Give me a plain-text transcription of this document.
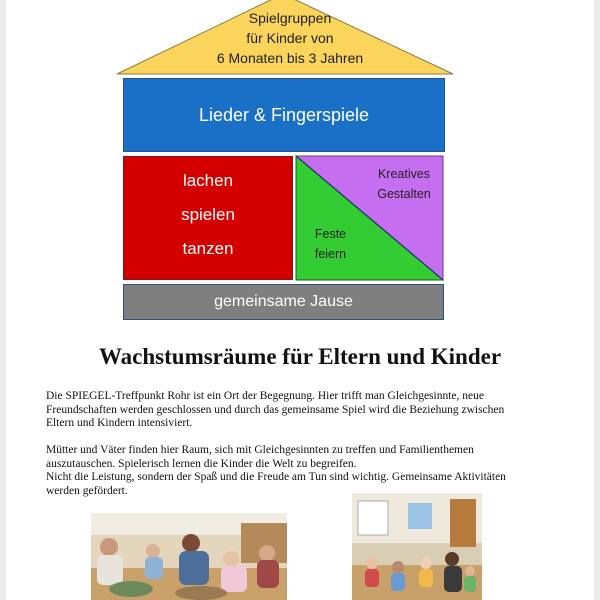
Spielgruppen
für Kinder von
6 Monaten bis 3 Jahren
Lieder & Fingerspiele
lachen
spielen
tanzen
Kreatives
Gestalten
Feste
feiern
gemeinsame Jause
Wachstumsräume für Eltern und Kinder
Die SPIEGEL-Treffpunkt Rohr ist ein Ort der Begegnung. Hier trifft man Gleichgesinnte, neue
Freundschaften werden geschlossen und durch das gemeinsame Spiel wird die Beziehung zwischen
Eltern und Kindern intensiviert.
Mütter und Väter finden hier Raum, sich mit Gleichgesinnten zu treffen und Familienthemen
auszutauschen. Spielerisch lernen die Kinder die Welt zu begreifen.
Nicht die Leistung, sondern der Spaß und die Freude am Tun sind wichtig. Gemeinsame Aktivitäten
werden gefördert.
